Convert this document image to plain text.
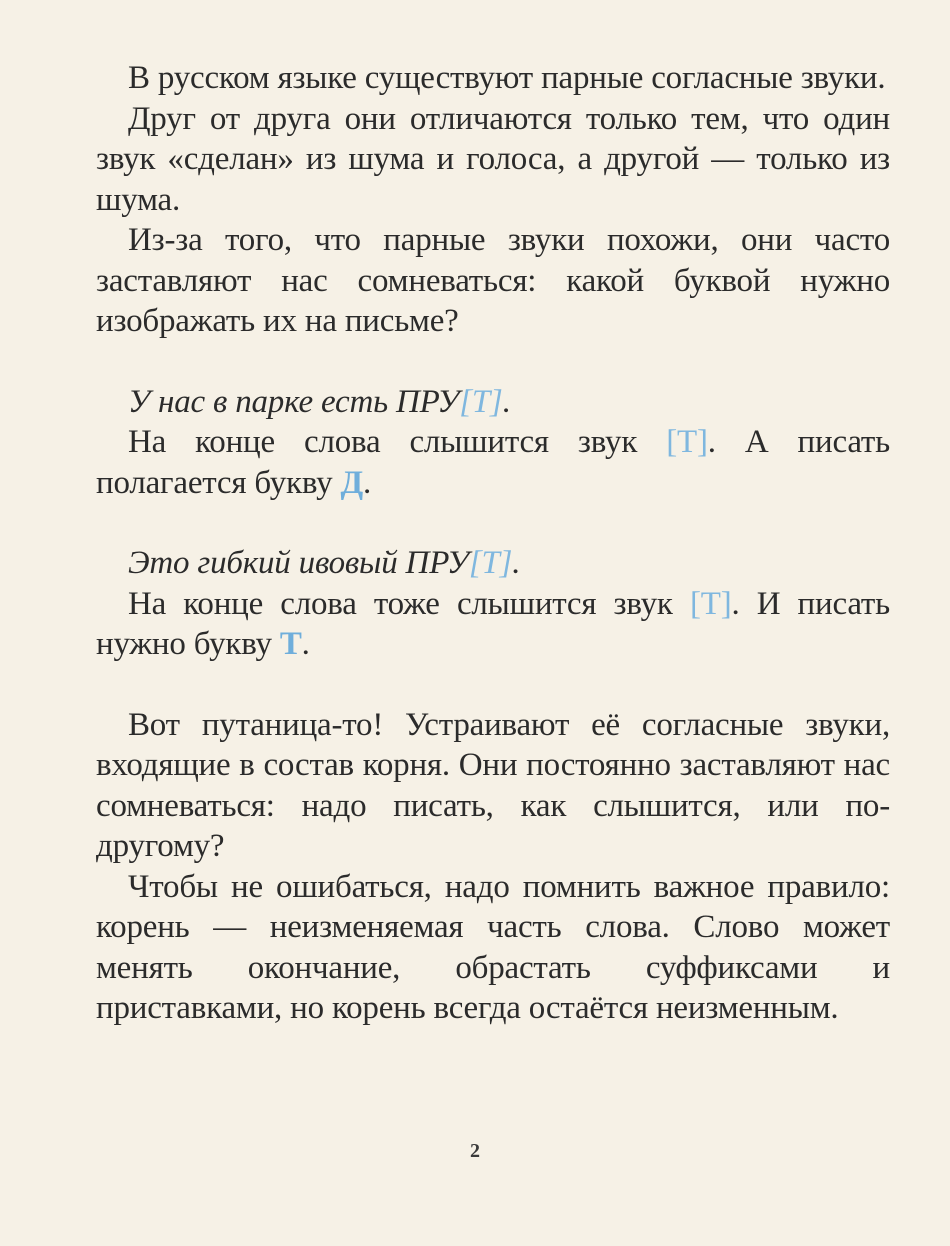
В русском языке существуют парные согласные звуки.

Друг от друга они отличаются только тем, что один звук «сделан» из шума и голоса, а другой — только из шума.

Из-за того, что парные звуки похожи, они часто заставляют нас сомневаться: какой буквой нужно изображать их на письме?

У нас в парке есть ПРУ[Т].

На конце слова слышится звук [Т]. А писать полагается букву Д.

Это гибкий ивовый ПРУ[Т].

На конце слова тоже слышится звук [Т]. И писать нужно букву Т.

Вот путаница-то! Устраивают её согласные звуки, входящие в состав корня. Они постоянно заставляют нас сомневаться: надо писать, как слышится, или по-другому?

Чтобы не ошибаться, надо помнить важное правило: корень — неизменяемая часть слова. Слово может менять окончание, обрастать суффиксами и приставками, но корень всегда остаётся неизменным.

2
